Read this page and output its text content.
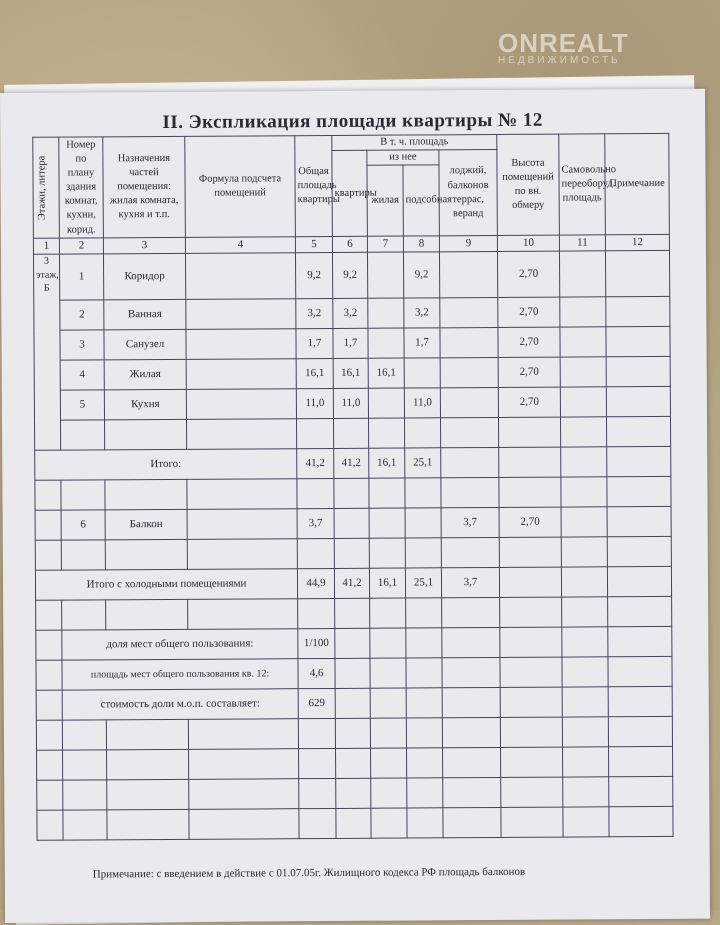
ONREALT
НЕДВИЖИМОСТЬ
II. Экспликация площади квартиры № 12
Этажи, литера	Номер по плану здания комнат, кухни, корид.	Назначения частей помещения: жилая комната, кухня и т.п.	Формула подсчета помещений	Общая площадь квартиры	В т. ч. площадь				Высота помещений по вн. обмеру	Самовольно переоборуд. площадь	Примечание
					квартиры	из нее		лоджий, балконов террас, веранд			
						жилая	подсобная				
1	2	3	4	5	6	7	8	9	10	11	12
3 этаж, Б	1	Коридор		9,2	9,2		9,2		2,70		
	2	Ванная		3,2	3,2		3,2		2,70		
	3	Санузел		1,7	1,7		1,7		2,70		
	4	Жилая		16,1	16,1	16,1			2,70		
	5	Кухня		11,0	11,0		11,0		2,70		

Итого:				41,2	41,2	16,1	25,1				

	6	Балкон		3,7				3,7	2,70		

Итого с холодными помещениями				44,9	41,2	16,1	25,1	3,7			

	доля мест общего пользования:			1/100							
	площадь мест общего пользования кв. 12:			4,6							
	стоимость доли м.о.п. составляет:			629							

Примечание: с введением в действие с 01.07.05г. Жилищного кодекса РФ площадь балконов
